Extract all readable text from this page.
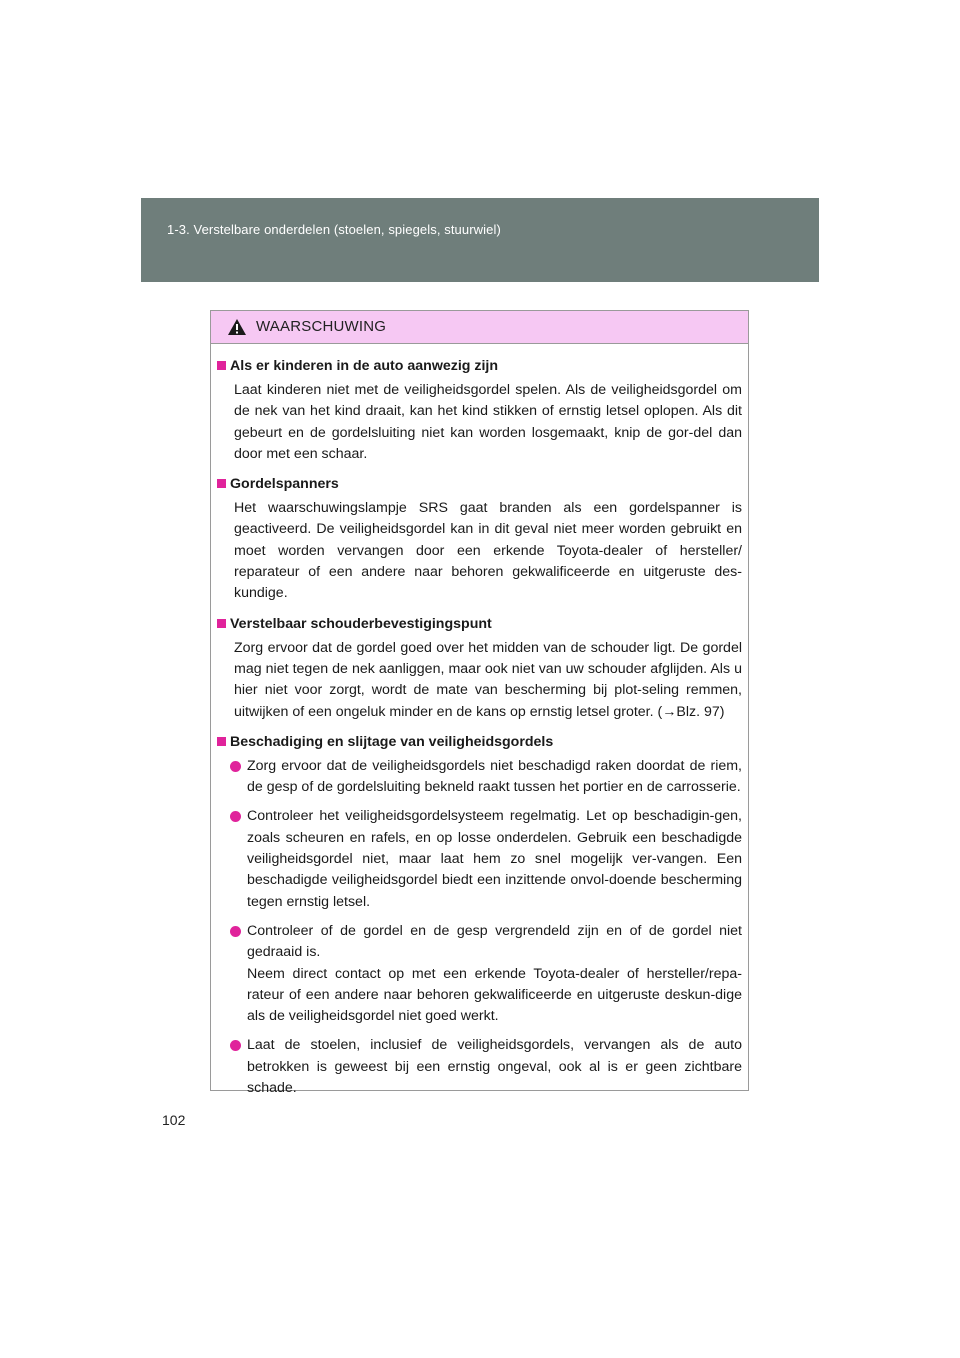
1-3. Verstelbare onderdelen (stoelen, spiegels, stuurwiel)
WAARSCHUWING
Als er kinderen in de auto aanwezig zijn
Laat kinderen niet met de veiligheidsgordel spelen. Als de veiligheidsgordel om de nek van het kind draait, kan het kind stikken of ernstig letsel oplopen. Als dit gebeurt en de gordelsluiting niet kan worden losgemaakt, knip de gor-del dan door met een schaar.
Gordelspanners
Het waarschuwingslampje SRS gaat branden als een gordelspanner is geactiveerd. De veiligheidsgordel kan in dit geval niet meer worden gebruikt en moet worden vervangen door een erkende Toyota-dealer of hersteller/ reparateur of een andere naar behoren gekwalificeerde en uitgeruste des-kundige.
Verstelbaar schouderbevestigingspunt
Zorg ervoor dat de gordel goed over het midden van de schouder ligt. De gordel mag niet tegen de nek aanliggen, maar ook niet van uw schouder afglijden. Als u hier niet voor zorgt, wordt de mate van bescherming bij plot-seling remmen, uitwijken of een ongeluk minder en de kans op ernstig letsel groter. (→Blz. 97)
Beschadiging en slijtage van veiligheidsgordels
Zorg ervoor dat de veiligheidsgordels niet beschadigd raken doordat de riem, de gesp of de gordelsluiting bekneld raakt tussen het portier en de carrosserie.
Controleer het veiligheidsgordelsysteem regelmatig. Let op beschadigin-gen, zoals scheuren en rafels, en op losse onderdelen. Gebruik een beschadigde veiligheidsgordel niet, maar laat hem zo snel mogelijk ver-vangen. Een beschadigde veiligheidsgordel biedt een inzittende onvol-doende bescherming tegen ernstig letsel.
Controleer of de gordel en de gesp vergrendeld zijn en of de gordel niet gedraaid is.
Neem direct contact op met een erkende Toyota-dealer of hersteller/repa-rateur of een andere naar behoren gekwalificeerde en uitgeruste deskun-dige als de veiligheidsgordel niet goed werkt.
Laat de stoelen, inclusief de veiligheidsgordels, vervangen als de auto betrokken is geweest bij een ernstig ongeval, ook al is er geen zichtbare schade.
102
